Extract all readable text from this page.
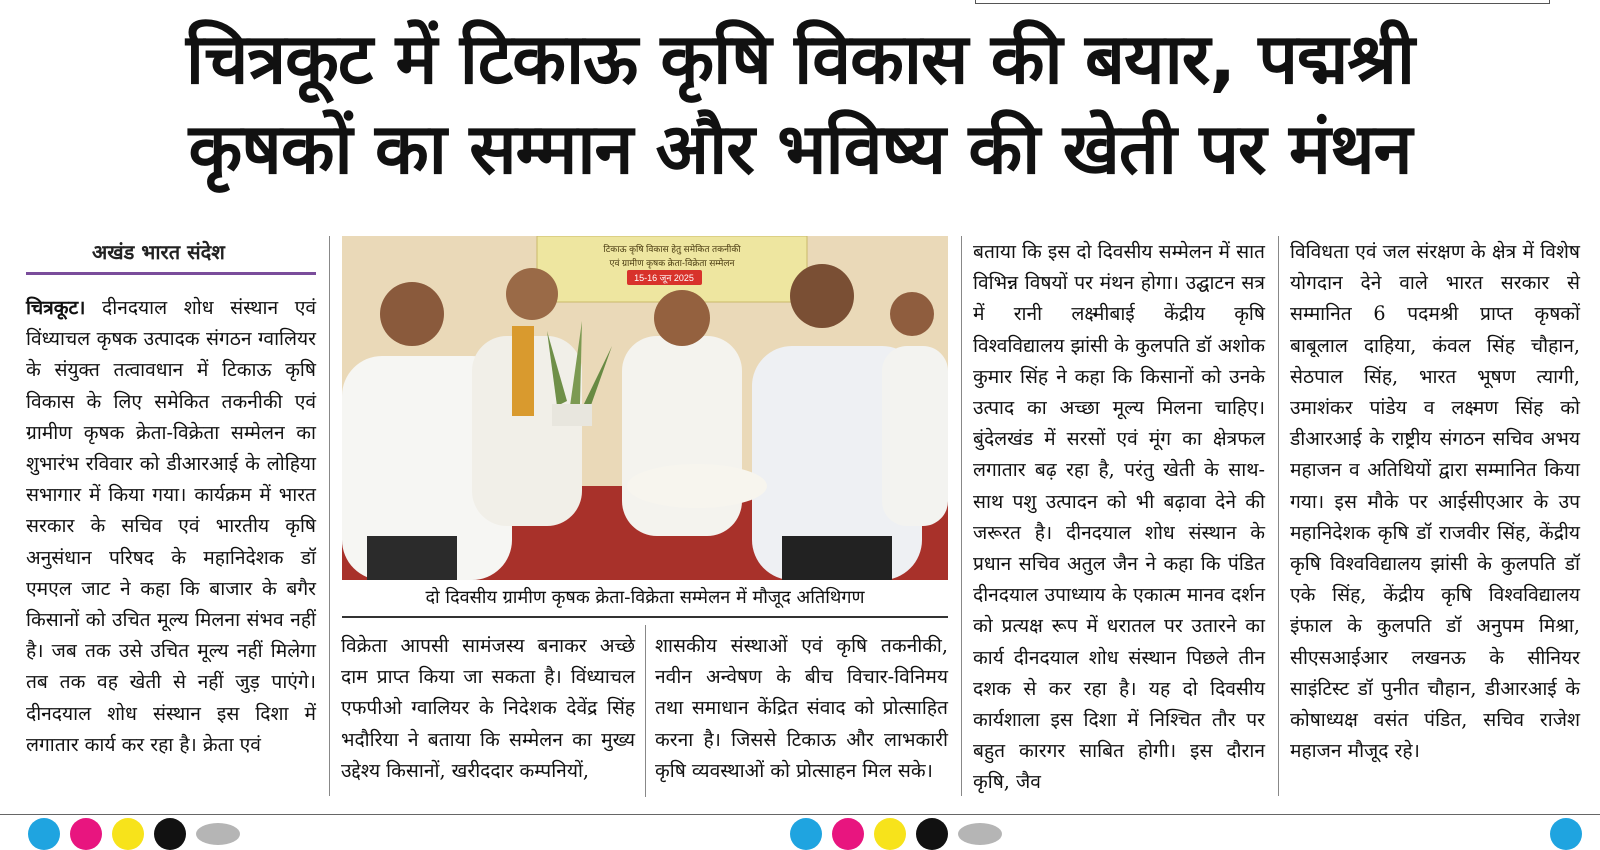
चित्रकूट में टिकाऊ कृषि विकास की बयार, पद्मश्री
कृषकों का सम्मान और भविष्य की खेती पर मंथन
अखंड भारत संदेश

चित्रकूट। दीनदयाल शोध संस्थान एवं विंध्याचल कृषक उत्पादक संगठन ग्वालियर के संयुक्त तत्वावधान में टिकाऊ कृषि विकास के लिए समेकित तकनीकी एवं ग्रामीण कृषक क्रेता-विक्रेता सम्मेलन का शुभारंभ रविवार को डीआरआई के लोहिया सभागार में किया गया। कार्यक्रम में भारत सरकार के सचिव एवं भारतीय कृषि अनुसंधान परिषद के महानिदेशक डॉ एमएल जाट ने कहा कि बाजार के बगैर किसानों को उचित मूल्य मिलना संभव नहीं है। जब तक उसे उचित मूल्य नहीं मिलेगा तब तक वह खेती से नहीं जुड़ पाएंगे। दीनदयाल शोध संस्थान इस दिशा में लगातार कार्य कर रहा है। क्रेता एवं

टिकाऊ कृषि विकास हेतु समेकित तकनीकी
एवं ग्रामीण कृषक क्रेता-विक्रेता सम्मेलन
15-16 जून 2025
दो दिवसीय ग्रामीण कृषक क्रेता-विक्रेता सम्मेलन में मौजूद अतिथिगण

विक्रेता आपसी सामंजस्य बनाकर अच्छे दाम प्राप्त किया जा सकता है। विंध्याचल एफपीओ ग्वालियर के निदेशक देवेंद्र सिंह भदौरिया ने बताया कि सम्मेलन का मुख्य उद्देश्य किसानों, खरीददार कम्पनियों,

शासकीय संस्थाओं एवं कृषि तकनीकी, नवीन अन्वेषण के बीच विचार-विनिमय तथा समाधान केंद्रित संवाद को प्रोत्साहित करना है। जिससे टिकाऊ और लाभकारी कृषि व्यवस्थाओं को प्रोत्साहन मिल सके।

बताया कि इस दो दिवसीय सम्मेलन में सात विभिन्न विषयों पर मंथन होगा। उद्घाटन सत्र में रानी लक्ष्मीबाई केंद्रीय कृषि विश्वविद्यालय झांसी के कुलपति डॉ अशोक कुमार सिंह ने कहा कि किसानों को उनके उत्पाद का अच्छा मूल्य मिलना चाहिए। बुंदेलखंड में सरसों एवं मूंग का क्षेत्रफल लगातार बढ़ रहा है, परंतु खेती के साथ-साथ पशु उत्पादन को भी बढ़ावा देने की जरूरत है। दीनदयाल शोध संस्थान के प्रधान सचिव अतुल जैन ने कहा कि पंडित दीनदयाल उपाध्याय के एकात्म मानव दर्शन को प्रत्यक्ष रूप में धरातल पर उतारने का कार्य दीनदयाल शोध संस्थान पिछले तीन दशक से कर रहा है। यह दो दिवसीय कार्यशाला इस दिशा में निश्चित तौर पर बहुत कारगर साबित होगी। इस दौरान कृषि, जैव

विविधता एवं जल संरक्षण के क्षेत्र में विशेष योगदान देने वाले भारत सरकार से सम्मानित 6 पदमश्री प्राप्त कृषकों बाबूलाल दाहिया, कंवल सिंह चौहान, सेठपाल सिंह, भारत भूषण त्यागी, उमाशंकर पांडेय व लक्ष्मण सिंह को डीआरआई के राष्ट्रीय संगठन सचिव अभय महाजन व अतिथियों द्वारा सम्मानित किया गया। इस मौके पर आईसीएआर के उप महानिदेशक कृषि डॉ राजवीर सिंह, केंद्रीय कृषि विश्वविद्यालय झांसी के कुलपति डॉ एके सिंह, केंद्रीय कृषि विश्वविद्यालय इंफाल के कुलपति डॉ अनुपम मिश्रा, सीएसआईआर लखनऊ के सीनियर साइंटिस्ट डॉ पुनीत चौहान, डीआरआई के कोषाध्यक्ष वसंत पंडित, सचिव राजेश महाजन मौजूद रहे।
